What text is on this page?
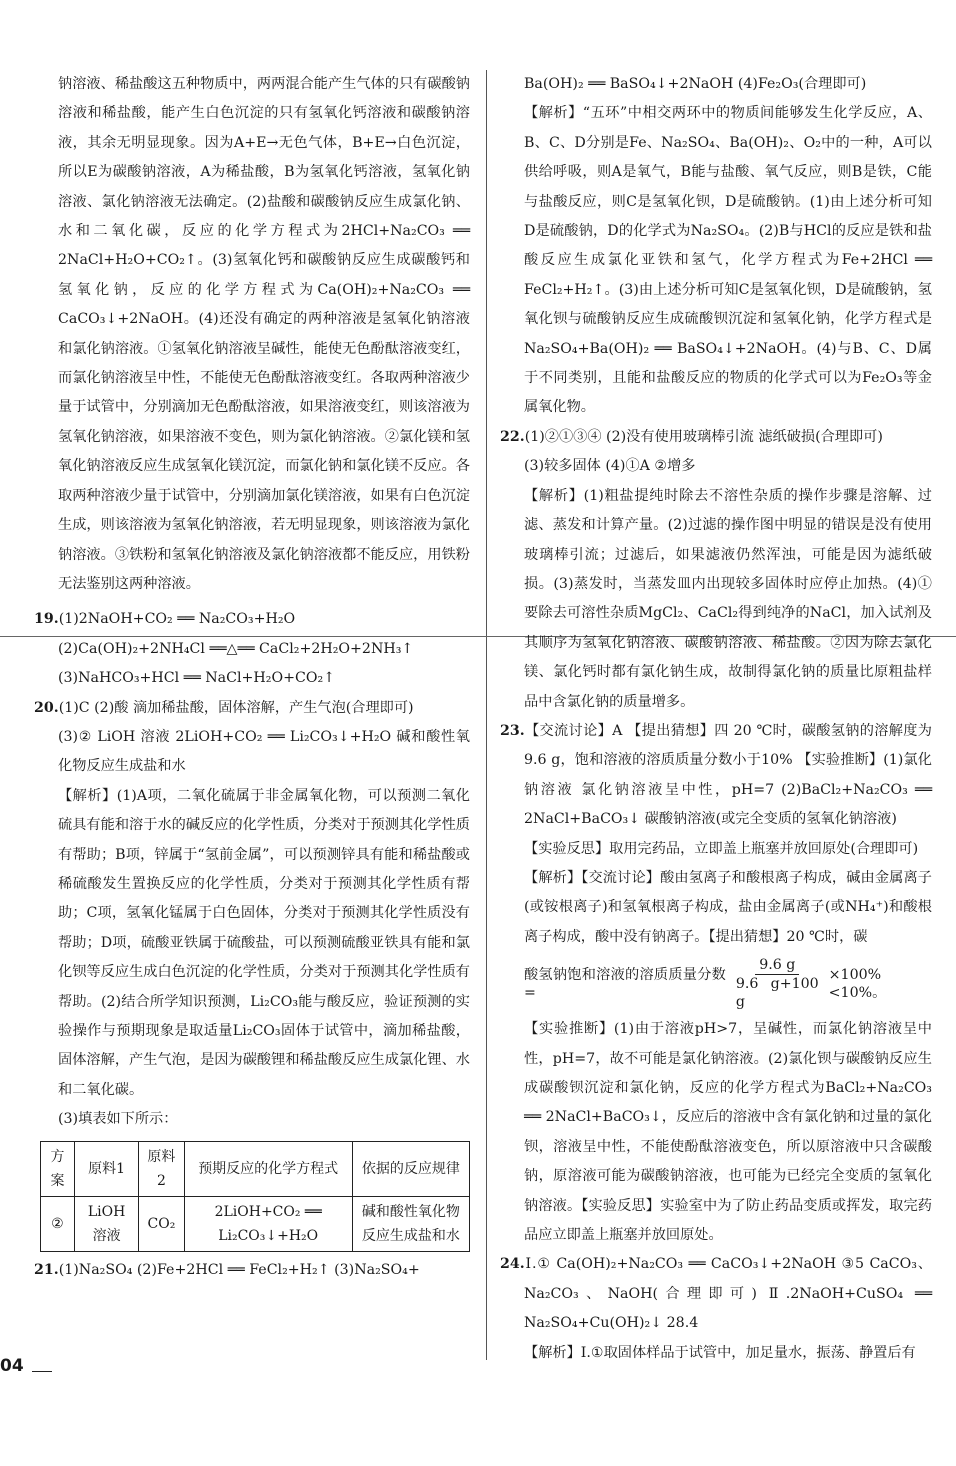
钠溶液、稀盐酸这五种物质中，两两混合能产生气体的只有碳酸钠溶液和稀盐酸，能产生白色沉淀的只有氢氧化钙溶液和碳酸钠溶液，其余无明显现象。因为A+E→无色气体，B+E→白色沉淀，所以E为碳酸钠溶液，A为稀盐酸，B为氢氧化钙溶液，氢氧化钠溶液、氯化钠溶液无法确定。(2)盐酸和碳酸钠反应生成氯化钠、水和二氧化碳，反应的化学方程式为2HCl+Na₂CO₃ ══ 2NaCl+H₂O+CO₂↑。(3)氢氧化钙和碳酸钠反应生成碳酸钙和氢氧化钠，反应的化学方程式为Ca(OH)₂+Na₂CO₃ ══ CaCO₃↓+2NaOH。(4)还没有确定的两种溶液是氢氧化钠溶液和氯化钠溶液。①氢氧化钠溶液呈碱性，能使无色酚酞溶液变红，而氯化钠溶液呈中性，不能使无色酚酞溶液变红。各取两种溶液少量于试管中，分别滴加无色酚酞溶液，如果溶液变红，则该溶液为氢氧化钠溶液，如果溶液不变色，则为氯化钠溶液。②氯化镁和氢氧化钠溶液反应生成氢氧化镁沉淀，而氯化钠和氯化镁不反应。各取两种溶液少量于试管中，分别滴加氯化镁溶液，如果有白色沉淀生成，则该溶液为氢氧化钠溶液，若无明显现象，则该溶液为氯化钠溶液。③铁粉和氢氧化钠溶液及氯化钠溶液都不能反应，用铁粉无法鉴别这两种溶液。

19.(1)2NaOH+CO₂ ══ Na₂CO₃+H₂O

(2)Ca(OH)₂+2NH₄Cl ══△══ CaCl₂+2H₂O+2NH₃↑

(3)NaHCO₃+HCl ══ NaCl+H₂O+CO₂↑

20.(1)C (2)酸 滴加稀盐酸，固体溶解，产生气泡(合理即可)

(3)② LiOH 溶液 2LiOH+CO₂ ══ Li₂CO₃↓+H₂O 碱和酸性氧化物反应生成盐和水

【解析】(1)A项，二氧化硫属于非金属氧化物，可以预测二氧化硫具有能和溶于水的碱反应的化学性质，分类对于预测其化学性质有帮助；B项，锌属于“氢前金属”，可以预测锌具有能和稀盐酸或稀硫酸发生置换反应的化学性质，分类对于预测其化学性质有帮助；C项，氢氧化锰属于白色固体，分类对于预测其化学性质没有帮助；D项，硫酸亚铁属于硫酸盐，可以预测硫酸亚铁具有能和氯化钡等反应生成白色沉淀的化学性质，分类对于预测其化学性质有帮助。(2)结合所学知识预测，Li₂CO₃能与酸反应，验证预测的实验操作与预期现象是取适量Li₂CO₃固体于试管中，滴加稀盐酸，固体溶解，产生气泡，是因为碳酸锂和稀盐酸反应生成氯化锂、水和二氧化碳。

(3)填表如下所示：

方案	原料1	原料2	预期反应的化学方程式	依据的反应规律
②	LiOH溶液	CO₂	2LiOH+CO₂ ══ Li₂CO₃↓+H₂O	碱和酸性氧化物反应生成盐和水

21.(1)Na₂SO₄ (2)Fe+2HCl ══ FeCl₂+H₂↑ (3)Na₂SO₄+

Ba(OH)₂ ══ BaSO₄↓+2NaOH (4)Fe₂O₃(合理即可)

【解析】“五环”中相交两环中的物质间能够发生化学反应，A、B、C、D分别是Fe、Na₂SO₄、Ba(OH)₂、O₂中的一种，A可以供给呼吸，则A是氧气，B能与盐酸、氧气反应，则B是铁，C能与盐酸反应，则C是氢氧化钡，D是硫酸钠。(1)由上述分析可知D是硫酸钠，D的化学式为Na₂SO₄。(2)B与HCl的反应是铁和盐酸反应生成氯化亚铁和氢气，化学方程式为Fe+2HCl ══ FeCl₂+H₂↑。(3)由上述分析可知C是氢氧化钡，D是硫酸钠，氢氧化钡与硫酸钠反应生成硫酸钡沉淀和氢氧化钠，化学方程式是Na₂SO₄+Ba(OH)₂ ══ BaSO₄↓+2NaOH。(4)与B、C、D属于不同类别，且能和盐酸反应的物质的化学式可以为Fe₂O₃等金属氧化物。

22.(1)②①③④ (2)没有使用玻璃棒引流 滤纸破损(合理即可)

(3)较多固体 (4)①A ②增多

【解析】(1)粗盐提纯时除去不溶性杂质的操作步骤是溶解、过滤、蒸发和计算产量。(2)过滤的操作图中明显的错误是没有使用玻璃棒引流；过滤后，如果滤液仍然浑浊，可能是因为滤纸破损。(3)蒸发时，当蒸发皿内出现较多固体时应停止加热。(4)①要除去可溶性杂质MgCl₂、CaCl₂得到纯净的NaCl，加入试剂及其顺序为氢氧化钠溶液、碳酸钠溶液、稀盐酸。②因为除去氯化镁、氯化钙时都有氯化钠生成，故制得氯化钠的质量比原粗盐样品中含氯化钠的质量增多。

23.【交流讨论】A 【提出猜想】四 20 ℃时，碳酸氢钠的溶解度为9.6 g，饱和溶液的溶质质量分数小于10% 【实验推断】(1)氯化钠溶液 氯化钠溶液呈中性，pH=7 (2)BaCl₂+Na₂CO₃ ══ 2NaCl+BaCO₃↓ 碳酸钠溶液(或完全变质的氢氧化钠溶液)

【实验反思】取用完药品，立即盖上瓶塞并放回原处(合理即可)

【解析】【交流讨论】酸由氢离子和酸根离子构成，碱由金属离子(或铵根离子)和氢氧根离子构成，盐由金属离子(或NH₄⁺)和酸根离子构成，酸中没有钠离子。【提出猜想】20 ℃时，碳

酸氢钠饱和溶液的溶质质量分数 =	$\frac{9.6 g}{9.6 g+100 g} \times 100\%<10\%$。

【实验推断】(1)由于溶液pH>7，呈碱性，而氯化钠溶液呈中性，pH=7，故不可能是氯化钠溶液。(2)氯化钡与碳酸钠反应生成碳酸钡沉淀和氯化钠，反应的化学方程式为BaCl₂+Na₂CO₃ ══ 2NaCl+BaCO₃↓，反应后的溶液中含有氯化钠和过量的氯化钡，溶液呈中性，不能使酚酞溶液变色，所以原溶液中只含碳酸钠，原溶液可能为碳酸钠溶液，也可能为已经完全变质的氢氧化钠溶液。【实验反思】实验室中为了防止药品变质或挥发，取完药品应立即盖上瓶塞并放回原处。

24.Ⅰ.① Ca(OH)₂+Na₂CO₃ ══ CaCO₃↓+2NaOH ③5 CaCO₃、Na₂CO₃、NaOH(合理即可) Ⅱ.2NaOH+CuSO₄ ══ Na₂SO₄+Cu(OH)₂↓ 28.4

【解析】Ⅰ.①取固体样品于试管中，加足量水，振荡、静置后有

04
